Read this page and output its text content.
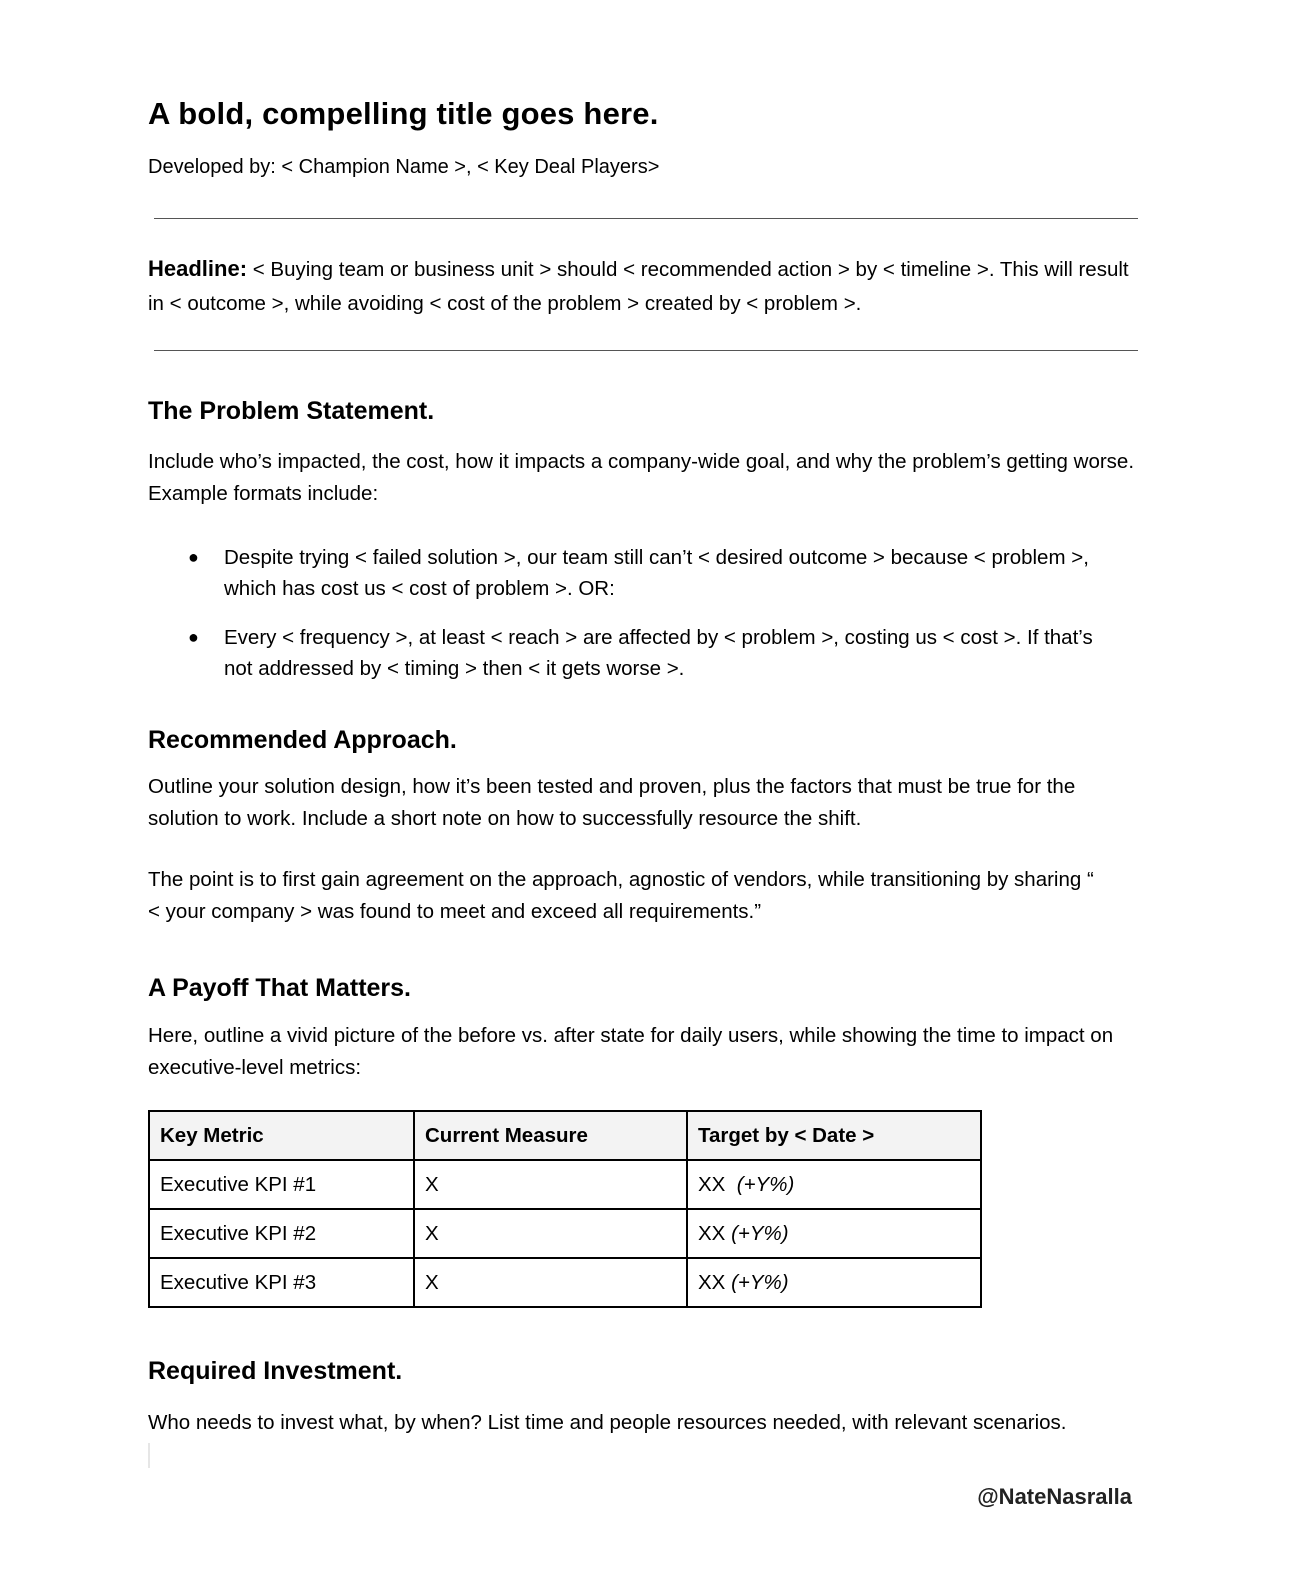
A bold, compelling title goes here.
Developed by: < Champion Name >, < Key Deal Players>
Headline: < Buying team or business unit > should < recommended action > by < timeline >. This will result in < outcome >, while avoiding < cost of the problem > created by < problem >.
The Problem Statement.
Include who’s impacted, the cost, how it impacts a company-wide goal, and why the problem’s getting worse. Example formats include:
● Despite trying < failed solution >, our team still can’t < desired outcome > because < problem >, which has cost us < cost of problem >. OR:
● Every < frequency >, at least < reach > are affected by < problem >, costing us < cost >. If that’s not addressed by < timing > then < it gets worse >.
Recommended Approach.
Outline your solution design, how it’s been tested and proven, plus the factors that must be true for the solution to work. Include a short note on how to successfully resource the shift.
The point is to first gain agreement on the approach, agnostic of vendors, while transitioning by sharing “ < your company > was found to meet and exceed all requirements.”
A Payoff That Matters.
Here, outline a vivid picture of the before vs. after state for daily users, while showing the time to impact on executive-level metrics:
Key Metric	Current Measure	Target by < Date >
Executive KPI #1	X	XX  (+Y%)
Executive KPI #2	X	XX (+Y%)
Executive KPI #3	X	XX (+Y%)
Required Investment.
Who needs to invest what, by when? List time and people resources needed, with relevant scenarios.
@NateNasralla
